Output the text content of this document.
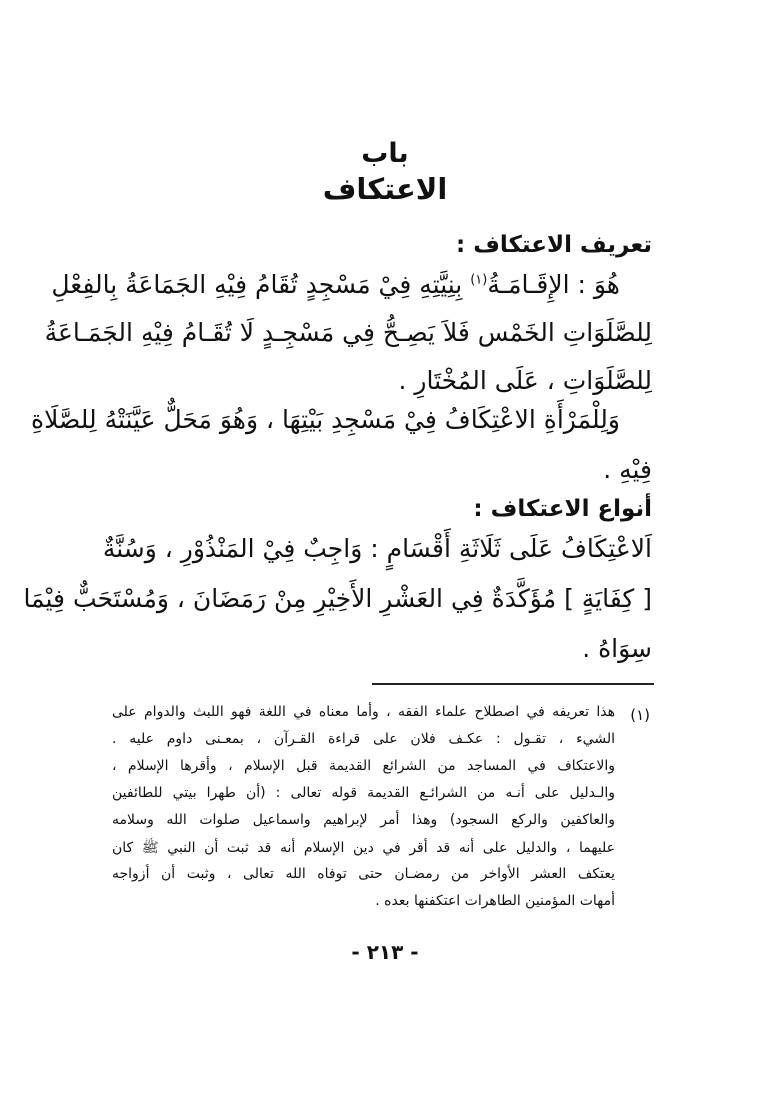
باب
الاعتكاف
تعريف الاعتكاف :
هُوَ : الإِقَـامَـةُ$^{(١)}$ بِنِيَّتِهِ فِيْ مَسْجِدٍ تُقَامُ فِيْهِ الجَمَاعَةُ بِالفِعْلِ
لِلصَّلَوَاتِ الخَمْس فَلاَ يَصِـحُّ فِي مَسْجِـدٍ لَا تُقَـامُ فِيْهِ الجَمَـاعَةُ
لِلصَّلَوَاتِ ، عَلَى المُخْتَارِ .
وَلِلْمَرْأَةِ الاعْتِكَافُ فِيْ مَسْجِدِ بَيْتِهَا ، وَهُوَ مَحَلٌّ عَيَّنَتْهُ لِلصَّلَاةِ
فِيْهِ .
أنواع الاعتكاف :
اَلاعْتِكَافُ عَلَى ثَلَاثَةِ أَقْسَامٍ : وَاجِبٌ فِيْ المَنْذُوْرِ ، وَسُنَّةٌ
[ كِفَايَةٍ ] مُؤَكَّدَةٌ فِي العَشْرِ الأَخِيْرِ مِنْ رَمَضَانَ ، وَمُسْتَحَبٌّ فِيْمَا
سِوَاهُ .
(١)
هذا تعريفه في اصطلاح علماء الفقه ، وأما معناه في اللغة فهو اللبث والدوام على
الشيء ، تقـول : عكـف فلان على قراءة القـرآن ، بمعـنى داوم عليه .
والاعتكاف في المساجد من الشرائع القديمة قبل الإسلام ، وأقرها الإسلام ،
والـدليل على أنـه من الشرائـع القديمة قوله تعالى : (أن طهرا بيتي للطائفين
والعاكفين والركع السجود) وهذا أمر لإبراهيم واسماعيل صلوات الله وسلامه
عليهما ، والدليل على أنه قد أقر في دين الإسلام أنه قد ثبت أن النبي ﷺ كان
يعتكف العشر الأواخر من رمضـان حتى توفاه الله تعالى ، وثبت أن أزواجه
أمهات المؤمنين الطاهرات اعتكفنها بعده .
- ٢١٣ -
